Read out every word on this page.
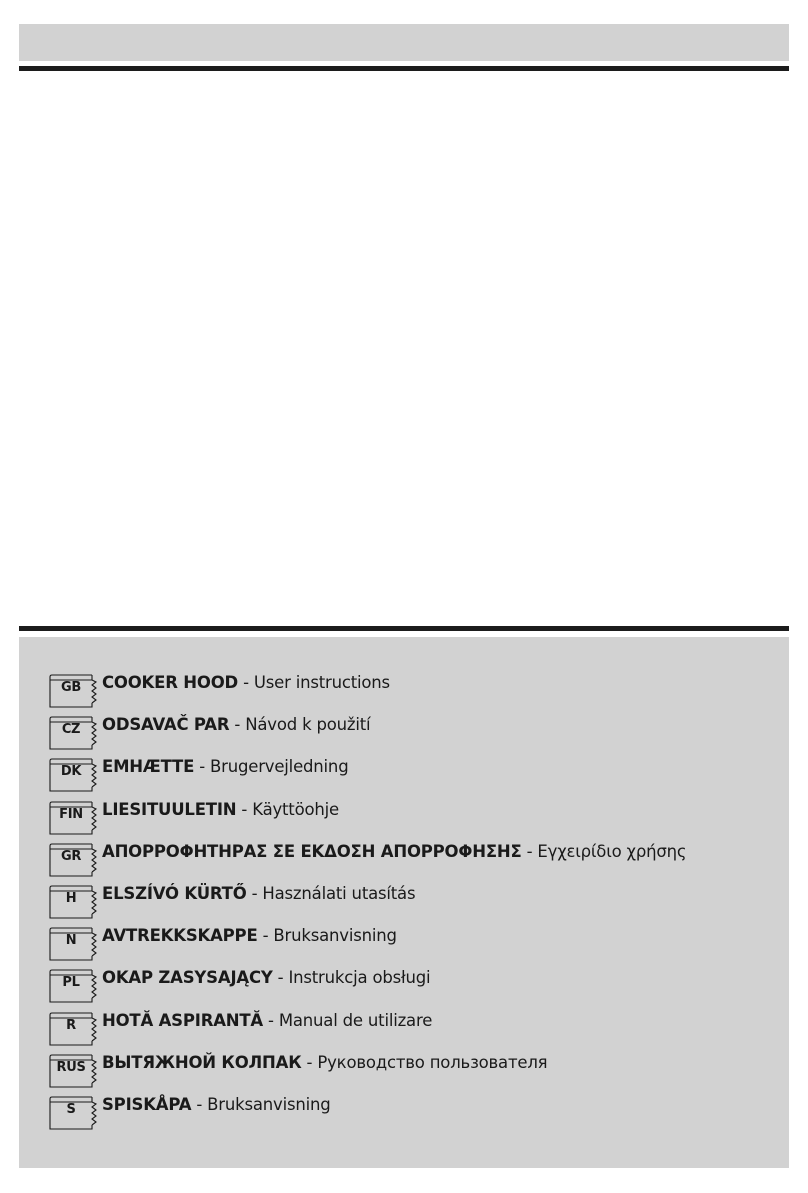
GB	COOKER HOOD - User instructions
CZ	ODSAVAČ PAR - Návod k použití
DK	EMHÆTTE - Brugervejledning
FIN	LIESITUULETIN - Käyttöohje
GR	ΑΠΟΡΡΟΦΗΤΗΡΑΣ ΣΕ ΕΚΔΟΣΗ ΑΠΟΡΡΟΦΗΣΗΣ - Εγχειρίδιο χρήσης
H	ELSZÍVÓ KÜRTŐ - Használati utasítás
N	AVTREKKSKAPPE - Bruksanvisning
PL	OKAP ZASYSAJĄCY - Instrukcja obsługi
R	HOTĂ ASPIRANTĂ - Manual de utilizare
RUS ВЫТЯЖНОЙ КОЛПАК - Руководство пользователя
S	SPISKÅPA - Bruksanvisning
